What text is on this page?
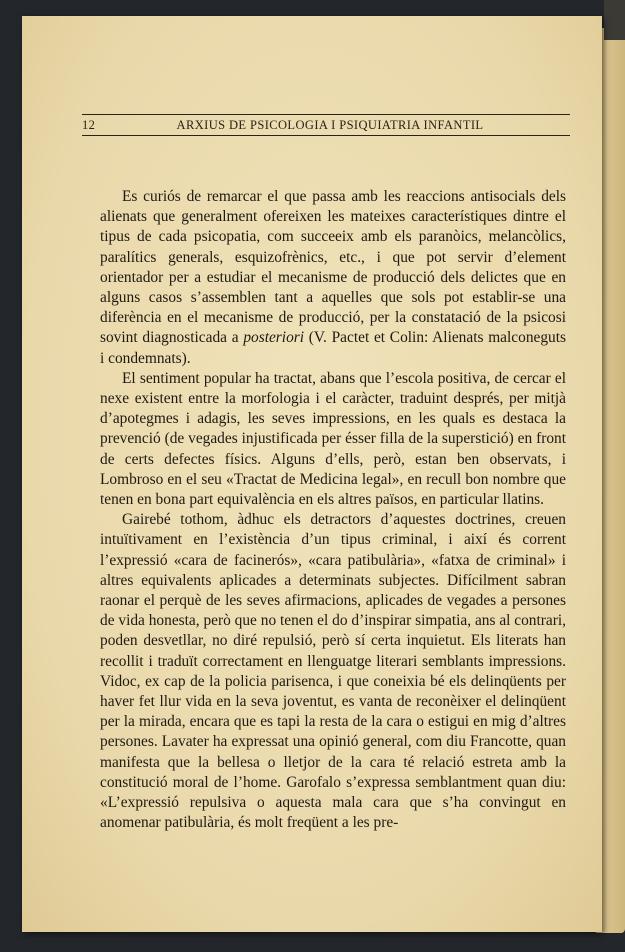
12	ARXIUS DE PSICOLOGIA I PSIQUIATRIA INFANTIL

Es curiós de remarcar el que passa amb les reaccions antisocials dels alienats que generalment ofereixen les mateixes característiques dintre el tipus de cada psicopatia, com succeeix amb els paranòics, melancòlics, paralítics generals, esquizofrènics, etc., i que pot servir d’element orientador per a estudiar el mecanisme de producció dels delictes que en alguns casos s’assemblen tant a aquelles que sols pot establir-se una diferència en el mecanisme de producció, per la constatació de la psicosi sovint diagnosticada a posteriori (V. Pactet et Colin: Alienats malconeguts i condemnats).

El sentiment popular ha tractat, abans que l’escola positiva, de cercar el nexe existent entre la morfologia i el caràcter, traduint després, per mitjà d’apotegmes i adagis, les seves impressions, en les quals es destaca la prevenció (de vegades injustificada per ésser filla de la superstició) en front de certs defectes físics. Alguns d’ells, però, estan ben observats, i Lombroso en el seu «Tractat de Medicina legal», en recull bon nombre que tenen en bona part equivalència en els altres països, en particular llatins.

Gairebé tothom, àdhuc els detractors d’aquestes doctrines, creuen intuïtivament en l’existència d’un tipus criminal, i així és corrent l’expressió «cara de facinerós», «cara patibulària», «fatxa de criminal» i altres equivalents aplicades a determinats subjectes. Difícilment sabran raonar el perquè de les seves afirmacions, aplicades de vegades a persones de vida honesta, però que no tenen el do d’inspirar simpatia, ans al contrari, poden desvetllar, no diré repulsió, però sí certa inquietut. Els literats han recollit i traduït correctament en llenguatge literari semblants impressions. Vidoc, ex cap de la policia parisenca, i que coneixia bé els delinqüents per haver fet llur vida en la seva joventut, es vanta de reconèixer el delinqüent per la mirada, encara que es tapi la resta de la cara o estigui en mig d’altres persones. Lavater ha expressat una opinió general, com diu Francotte, quan manifesta que la bellesa o lletjor de la cara té relació estreta amb la constitució moral de l’home. Garofalo s’expressa semblantment quan diu: «L’expressió repulsiva o aquesta mala cara que s’ha convingut en anomenar patibulària, és molt freqüent a les pre-
